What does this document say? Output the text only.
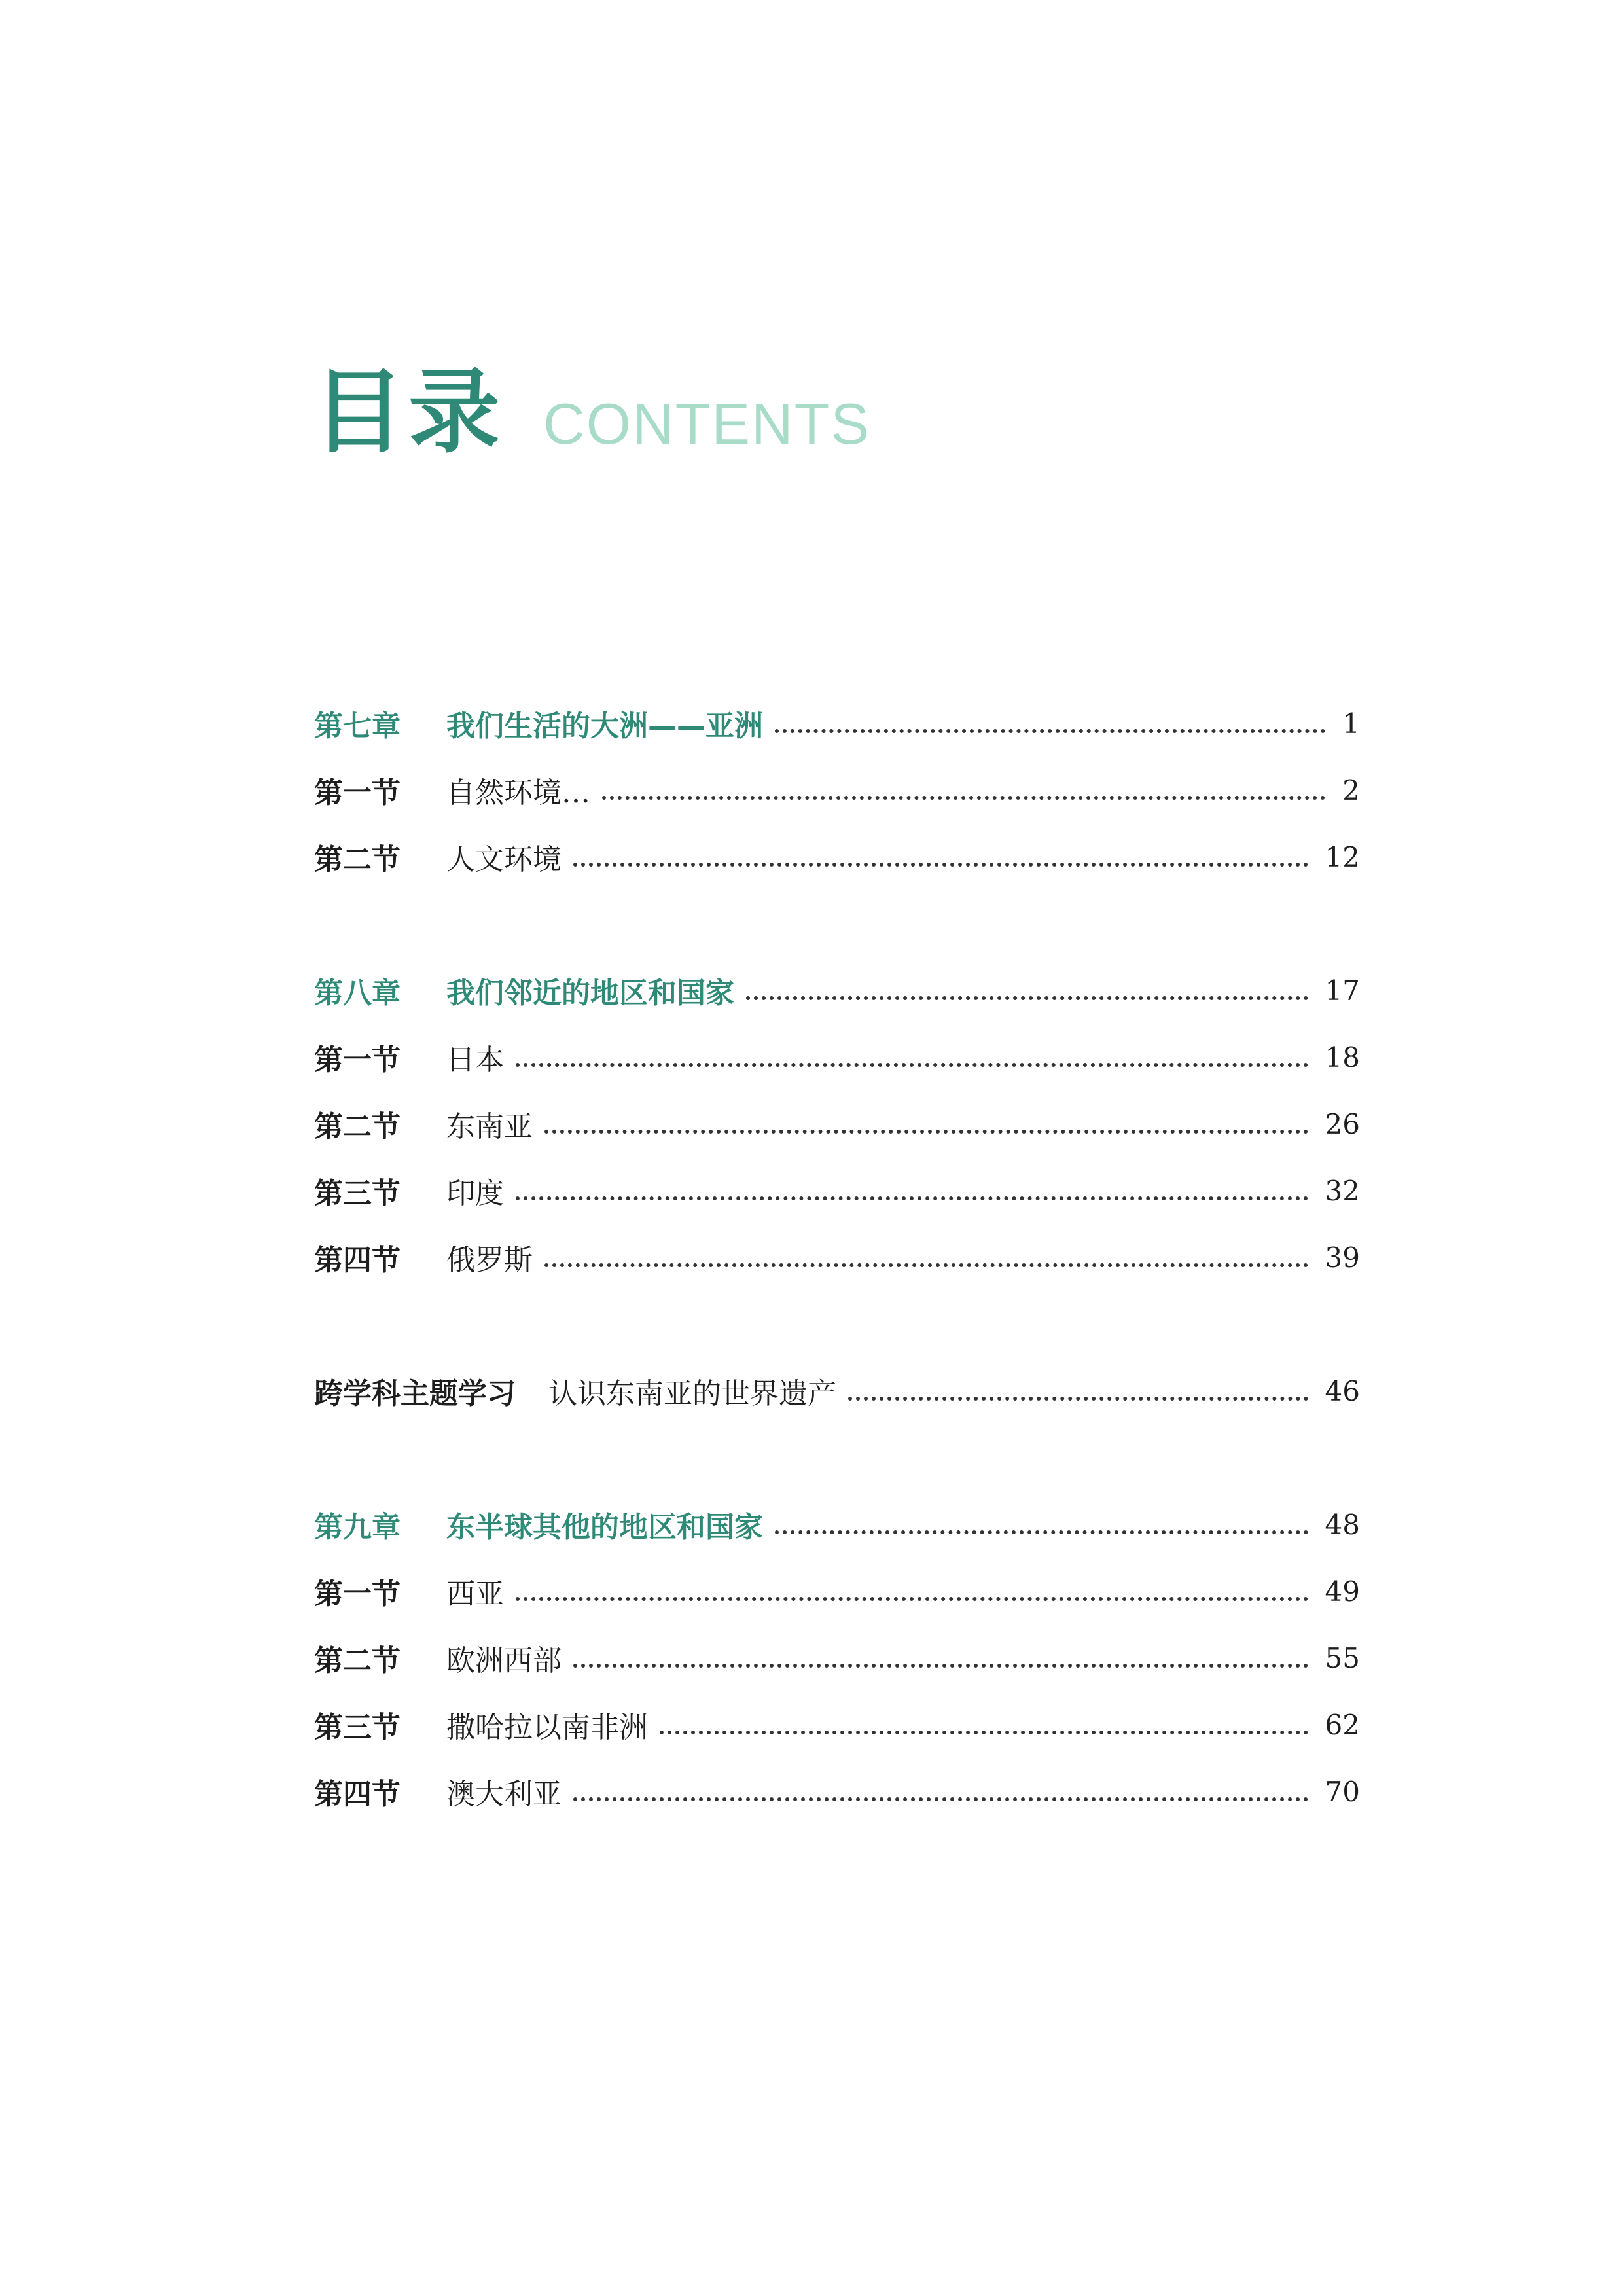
目录 CONTENTS
第七章	我们生活的大洲——亚洲	1
第一节	自然环境…	2
第二节	人文环境	12
第八章	我们邻近的地区和国家	17
第一节	日本	18
第二节	东南亚	26
第三节	印度	32
第四节	俄罗斯	39
跨学科主题学习 认识东南亚的世界遗产	46
第九章	东半球其他的地区和国家	48
第一节	西亚	49
第二节	欧洲西部	55
第三节	撒哈拉以南非洲	62
第四节	澳大利亚	70
